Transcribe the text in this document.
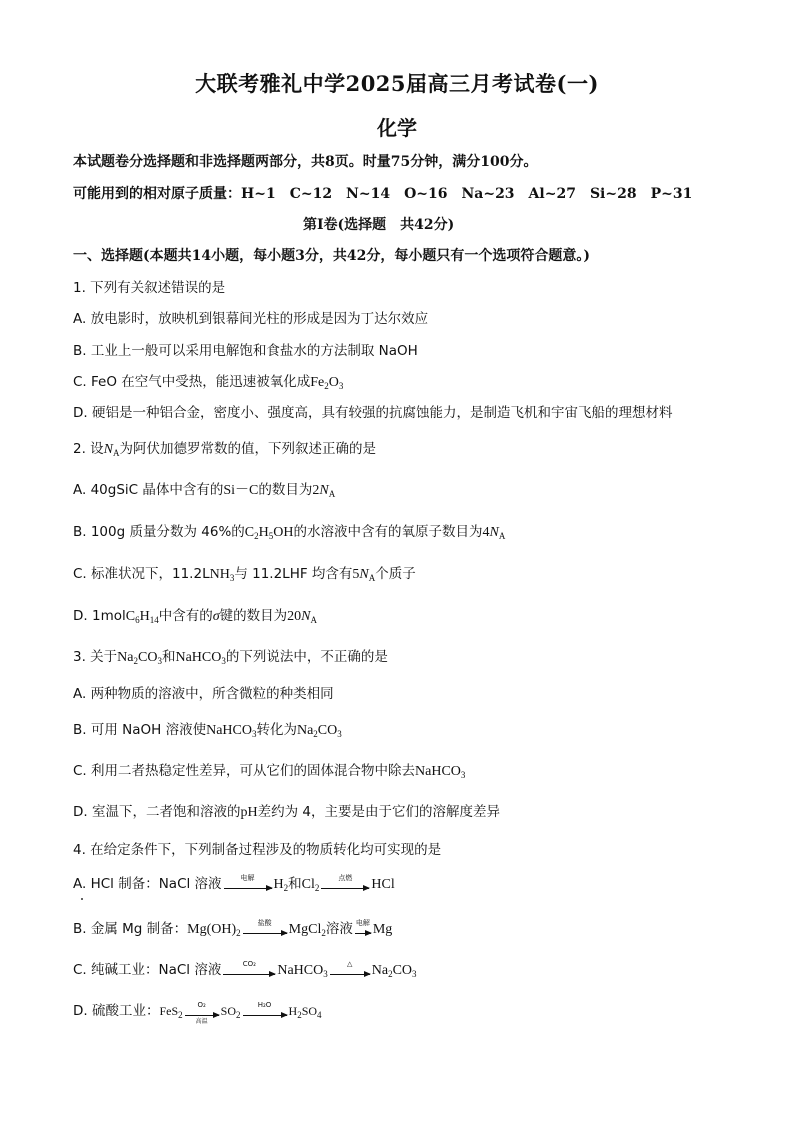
大联考雅礼中学2025届高三月考试卷(一)
化学
本试题卷分选择题和非选择题两部分，共8页。时量75分钟，满分100分。
可能用到的相对原子质量：H~1　C~12　N~14　O~16　Na~23　Al~27　Si~28　P~31
第Ⅰ卷(选择题　共42分)
一、选择题(本题共14小题，每小题3分，共42分，每小题只有一个选项符合题意。)
1. 下列有关叙述错误的是
A. 放电影时，放映机到银幕间光柱的形成是因为丁达尔效应
B. 工业上一般可以采用电解饱和食盐水的方法制取 NaOH
C. FeO 在空气中受热，能迅速被氧化成$Fe_2O_3$
D. 硬铝是一种铝合金，密度小、强度高，具有较强的抗腐蚀能力，是制造飞机和宇宙飞船的理想材料
2. 设$N_A$为阿伏加德罗常数的值，下列叙述正确的是
A. 40gSiC 晶体中含有的Si－C的数目为$2N_A$
B. 100g 质量分数为 46%的$C_2H_5OH$的水溶液中含有的氧原子数目为$4N_A$
C. 标准状况下，$11.2LNH_3$与 11.2LHF 均含有$5N_A$个质子
D. $1molC_6H_{14}$中含有的σ键的数目为$20N_A$
3. 关于$Na_2CO_3$和NaHCO$_3$的下列说法中，不正确的是
A. 两种物质的溶液中，所含微粒的种类相同
B. 可用 NaOH 溶液使NaHCO$_3$转化为$Na_2CO_3$
C. 利用二者热稳定性差异，可从它们的固体混合物中除去NaHCO$_3$
D. 室温下，二者饱和溶液的pH差约为 4，主要是由于它们的溶解度差异
4. 在给定条件下，下列制备过程涉及的物质转化均可实现的是
A. HCl 制备：NaCl 溶液	电解	$H_2$和$Cl_2$
点燃	HCl
B. 金属 Mg 制备：$Mg(OH)_2$
盐酸	MgCl$_2$溶液 电解 Mg
C. 纯碱工业：NaCl 溶液	CO₂	NaHCO$_3$
△	$Na_2CO_3$
D. 硫酸工业：FeS$_2$
O₂
高温
$SO_2$
H₂O	$H_2SO_4$
